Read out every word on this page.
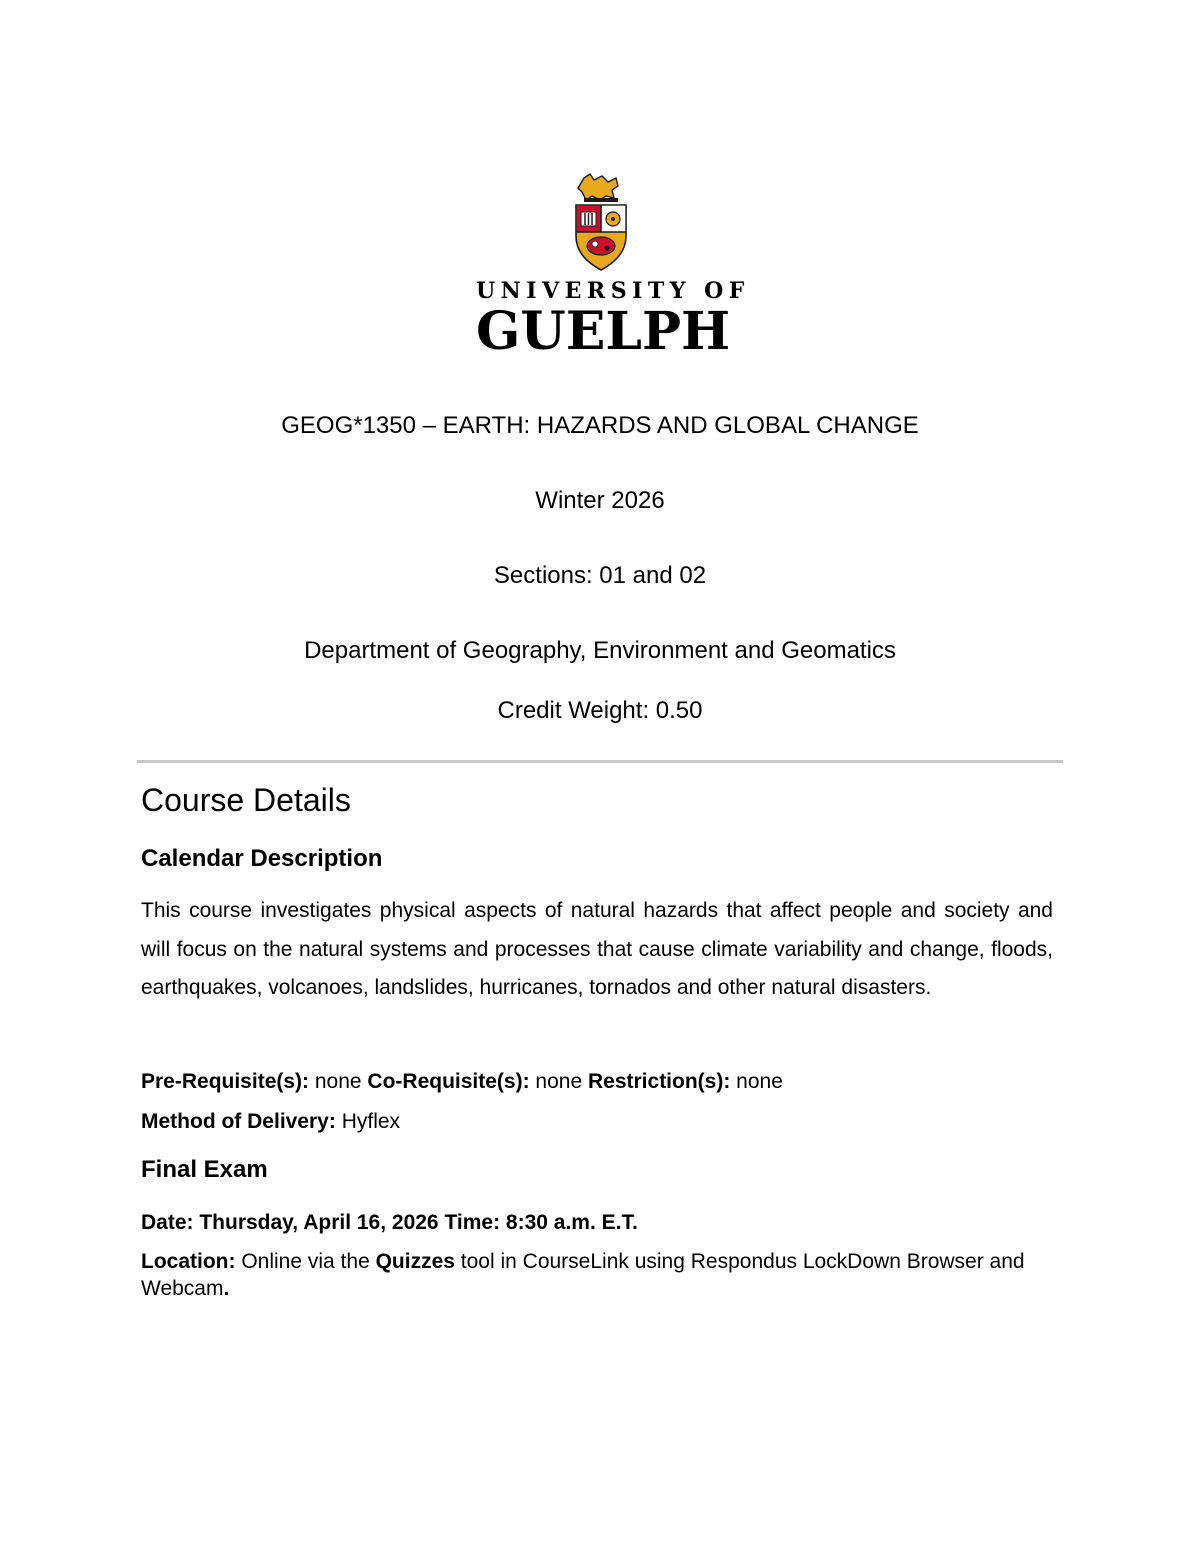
UNIVERSITY OF
GUELPH
GEOG*1350 – EARTH: HAZARDS AND GLOBAL CHANGE
Winter 2026
Sections: 01 and 02
Department of Geography, Environment and Geomatics
Credit Weight: 0.50
Course Details
Calendar Description
This course investigates physical aspects of natural hazards that affect people and society and will focus on the natural systems and processes that cause climate variability and change, floods, earthquakes, volcanoes, landslides, hurricanes, tornados and other natural disasters.
Pre-Requisite(s): none Co-Requisite(s): none Restriction(s): none
Method of Delivery: Hyflex
Final Exam
Date: Thursday, April 16, 2026 Time: 8:30 a.m. E.T.
Location: Online via the Quizzes tool in CourseLink using Respondus LockDown Browser and Webcam.
